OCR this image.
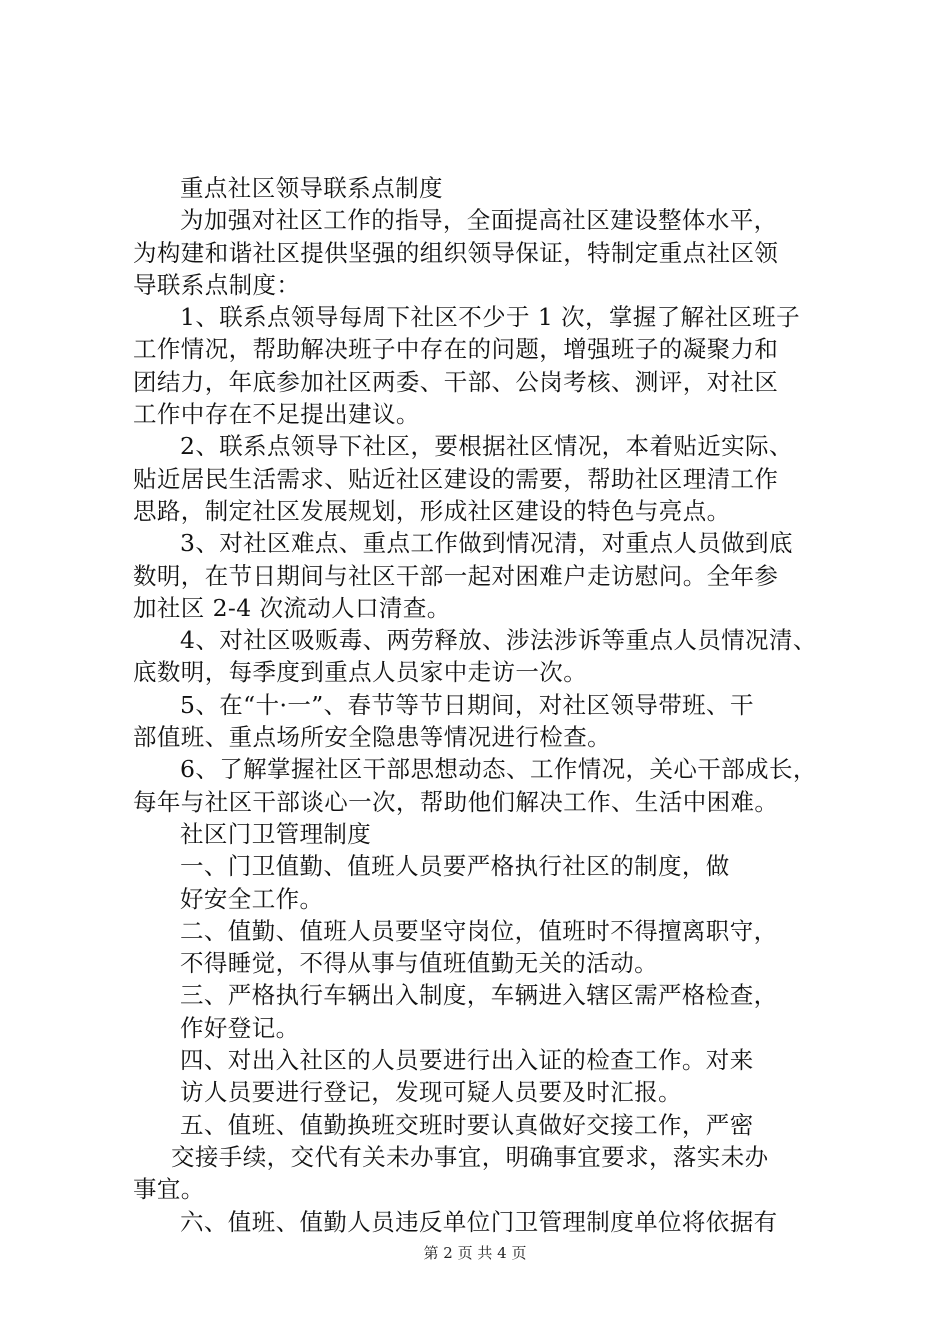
重点社区领导联系点制度
为加强对社区工作的指导，全面提高社区建设整体水平，
为构建和谐社区提供坚强的组织领导保证，特制定重点社区领
导联系点制度：
1、联系点领导每周下社区不少于 1 次，掌握了解社区班子
工作情况，帮助解决班子中存在的问题，增强班子的凝聚力和
团结力，年底参加社区两委、干部、公岗考核、测评，对社区
工作中存在不足提出建议。
2、联系点领导下社区，要根据社区情况，本着贴近实际、
贴近居民生活需求、贴近社区建设的需要，帮助社区理清工作
思路，制定社区发展规划，形成社区建设的特色与亮点。
3、对社区难点、重点工作做到情况清，对重点人员做到底
数明，在节日期间与社区干部一起对困难户走访慰问。全年参
加社区 2-4 次流动人口清查。
4、对社区吸贩毒、两劳释放、涉法涉诉等重点人员情况清、
底数明，每季度到重点人员家中走访一次。
5、在“十·一”、春节等节日期间，对社区领导带班、干
部值班、重点场所安全隐患等情况进行检查。
6、了解掌握社区干部思想动态、工作情况，关心干部成长，
每年与社区干部谈心一次，帮助他们解决工作、生活中困难。
社区门卫管理制度
一、门卫值勤、值班人员要严格执行社区的制度，做
好安全工作。
二、值勤、值班人员要坚守岗位，值班时不得擅离职守，
不得睡觉，不得从事与值班值勤无关的活动。
三、严格执行车辆出入制度，车辆进入辖区需严格检查，
作好登记。
四、对出入社区的人员要进行出入证的检查工作。对来
访人员要进行登记，发现可疑人员要及时汇报。
五、值班、值勤换班交班时要认真做好交接工作，严密
交接手续，交代有关未办事宜，明确事宜要求，落实未办
事宜。
六、值班、值勤人员违反单位门卫管理制度单位将依据有
第 2 页 共 4 页
